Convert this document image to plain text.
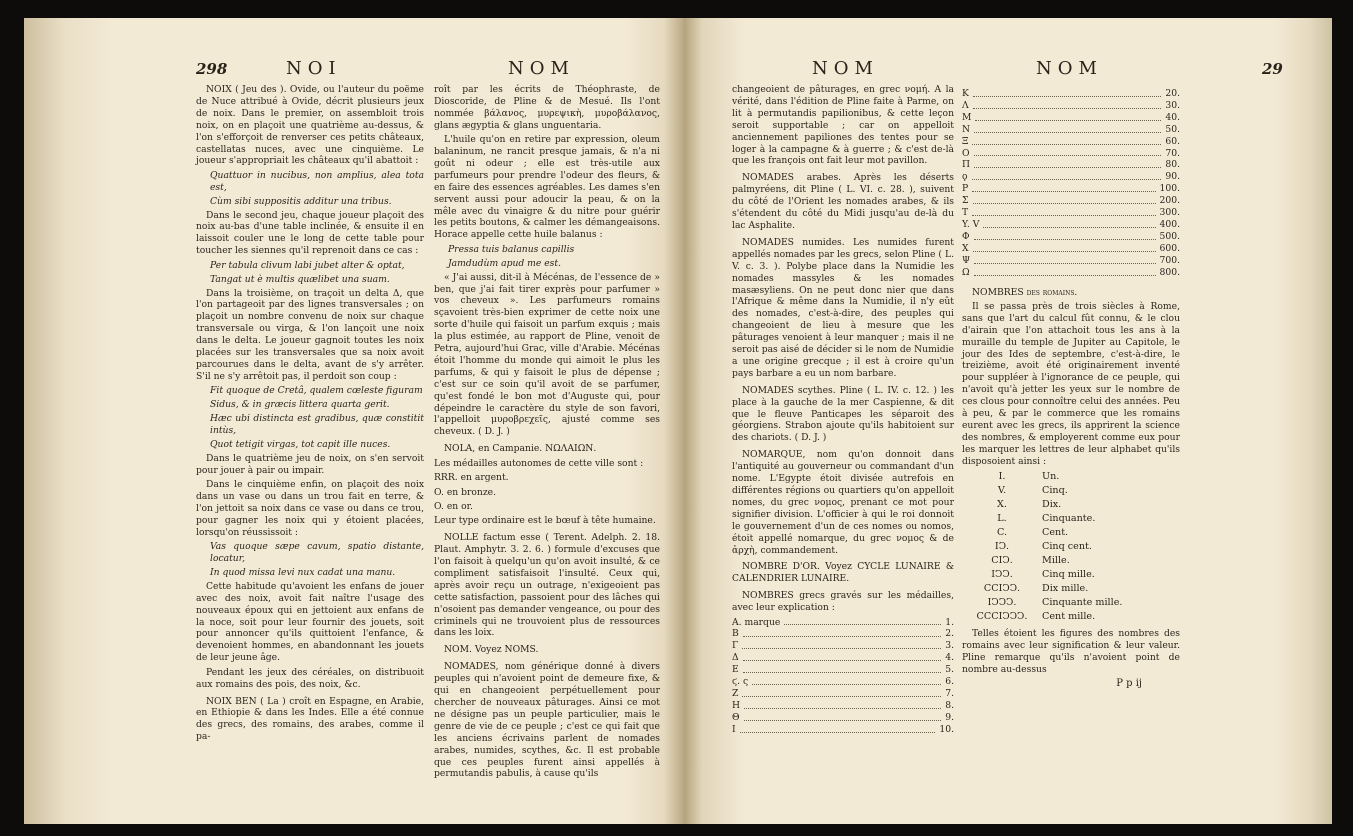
298	NOI	NOM

NOIX ( Jeu des ). Ovide, ou l'auteur du poëme de Nuce attribué à Ovide, décrit plusieurs jeux de noix. Dans le premier, on assembloit trois noix, on en plaçoit une quatrième au-dessus, & l'on s'efforçoit de renverser ces petits châteaux, castellatas nuces, avec une cinquième. Le joueur s'appropriait les châteaux qu'il abattoit :

Quattuor in nucibus, non amplius, alea tota est,

Cùm sibi suppositis additur una tribus.

Dans le second jeu, chaque joueur plaçoit des noix au-bas d'une table inclinée, & ensuite il en laissoit couler une le long de cette table pour toucher les siennes qu'il reprenoit dans ce cas :

Per tabula clivum labi jubet alter & optat,

Tangat ut è multis quælibet una suam.

Dans la troisième, on traçoit un delta Δ, que l'on partageoit par des lignes transversales ; on plaçoit un nombre convenu de noix sur chaque transversale ou virga, & l'on lançoit une noix dans le delta. Le joueur gagnoit toutes les noix placées sur les transversales que sa noix avoit parcourues dans le delta, avant de s'y arrêter. S'il ne s'y arrêtoit pas, il perdoit son coup :

Fit quoque de Cretâ, qualem cœleste figuram

Sidus, & in græcis littera quarta gerit.

Hæc ubi distincta est gradibus, quæ constitit intùs,

Quot tetigit virgas, tot capit ille nuces.

Dans le quatrième jeu de noix, on s'en servoit pour jouer à pair ou impair.

Dans le cinquième enfin, on plaçoit des noix dans un vase ou dans un trou fait en terre, & l'on jettoit sa noix dans ce vase ou dans ce trou, pour gagner les noix qui y étoient placées, lorsqu'on réussissoit :

Vas quoque sæpe cavum, spatio distante, locatur,

In quod missa levi nux cadat una manu.

Cette habitude qu'avoient les enfans de jouer avec des noix, avoit fait naître l'usage des nouveaux époux qui en jettoient aux enfans de la noce, soit pour leur fournir des jouets, soit pour annoncer qu'ils quittoient l'enfance, & devenoient hommes, en abandonnant les jouets de leur jeune âge.

Pendant les jeux des céréales, on distribuoit aux romains des pois, des noix, &c.

NOIX BEN ( La ) croît en Espagne, en Arabie, en Ethiopie & dans les Indes. Elle a été connue des grecs, des romains, des arabes, comme il pa-

roît par les écrits de Théophraste, de Dioscoride, de Pline & de Mesué. Ils l'ont nommée βάλανος, μυρεψικὴ, μυροβάλανος, glans ægyptia & glans unguentaria.

L'huile qu'on en retire par expression, oleum balaninum, ne rancit presque jamais, & n'a ni goût ni odeur ; elle est très-utile aux parfumeurs pour prendre l'odeur des fleurs, & en faire des essences agréables. Les dames s'en servent aussi pour adoucir la peau, & on la mêle avec du vinaigre & du nitre pour guérir les petits boutons, & calmer les démangeaisons. Horace appelle cette huile balanus :

Pressa tuis balanus capillis

Jamdudùm apud me est.

« J'ai aussi, dit-il à Mécénas, de l'essence de » ben, que j'ai fait tirer exprès pour parfumer » vos cheveux ». Les parfumeurs romains sçavoient très-bien exprimer de cette noix une sorte d'huile qui faisoit un parfum exquis ; mais la plus estimée, au rapport de Pline, venoit de Petra, aujourd'hui Grac, ville d'Arabie. Mécénas étoit l'homme du monde qui aimoit le plus les parfums, & qui y faisoit le plus de dépense ; c'est sur ce soin qu'il avoit de se parfumer, qu'est fondé le bon mot d'Auguste qui, pour dépeindre le caractère du style de son favori, l'appelloit μυροβρεχεῖς, ajusté comme ses cheveux. ( D. J. )

NOLA, en Campanie. ΝΩΛΑΙΩΝ.

Les médailles autonomes de cette ville sont :

RRR. en argent.

O. en bronze.

O. en or.

Leur type ordinaire est le bœuf à tête humaine.

NOLLE factum esse ( Terent. Adelph. 2. 18. Plaut. Amphytr. 3. 2. 6. ) formule d'excuses que l'on faisoit à quelqu'un qu'on avoit insulté, & ce compliment satisfaisoit l'insulté. Ceux qui, après avoir reçu un outrage, n'exigeoient pas cette satisfaction, passoient pour des lâches qui n'osoient pas demander vengeance, ou pour des criminels qui ne trouvoient plus de ressources dans les loix.

NOM. Voyez NOMS.

NOMADES, nom générique donné à divers peuples qui n'avoient point de demeure fixe, & qui en changeoient perpétuellement pour chercher de nouveaux pâturages. Ainsi ce mot ne désigne pas un peuple particulier, mais le genre de vie de ce peuple ; c'est ce qui fait que les anciens écrivains parlent de nomades arabes, numides, scythes, &c. Il est probable que ces peuples furent ainsi appellés à permutandis pabulis, à cause qu'ils

NOM	NOM	29

changeoient de pâturages, en grec νομή. A la vérité, dans l'édition de Pline faite à Parme, on lit à permutandis papilionibus, & cette leçon seroit supportable ; car on appelloit anciennement papiliones des tentes pour se loger à la campagne & à guerre ; & c'est de-là que les françois ont fait leur mot pavillon.

NOMADES arabes. Après les déserts palmyréens, dit Pline ( L. VI. c. 28. ), suivent du côté de l'Orient les nomades arabes, & ils s'étendent du côté du Midi jusqu'au de-là du lac Asphalite.

NOMADES numides. Les numides furent appellés nomades par les grecs, selon Pline ( L. V. c. 3. ). Polybe place dans la Numidie les nomades massyles & les nomades masæsyliens. On ne peut donc nier que dans l'Afrique & même dans la Numidie, il n'y eût des nomades, c'est-à-dire, des peuples qui changeoient de lieu à mesure que les pâturages venoient à leur manquer ; mais il ne seroit pas aisé de décider si le nom de Numidie a une origine grecque ; il est à croire qu'un pays barbare a eu un nom barbare.

NOMADES scythes. Pline ( L. IV. c. 12. ) les place à la gauche de la mer Caspienne, & dit que le fleuve Panticapes les séparoit des géorgiens. Strabon ajoute qu'ils habitoient sur des chariots. ( D. J. )

NOMARQUE, nom qu'on donnoit dans l'antiquité au gouverneur ou commandant d'un nome. L'Egypte étoit divisée autrefois en différentes régions ou quartiers qu'on appelloit nomes, du grec νομος, prenant ce mot pour signifier division. L'officier à qui le roi donnoit le gouvernement d'un de ces nomes ou nomos, étoit appellé nomarque, du grec νομος & de ἀρχὴ, commandement.

NOMBRE D'OR. Voyez CYCLE LUNAIRE & CALENDRIER LUNAIRE.

NOMBRES grecs gravés sur les médailles, avec leur explication :

A. marque	1.
B	2.
Γ	3.
Δ	4.
E	5.
ϛ. ς	6.
Z	7.
H	8.
Θ	9.
I	10.
K	20.
Λ	30.
M	40.
N	50.
Ξ	60.
O	70.
Π	80.
ϙ	90.
P	100.
Σ	200.
T	300.
Y. V	400.
Φ	500.
X	600.
Ψ	700.
Ω	800.

NOMBRES des romains.

Il se passa près de trois siècles à Rome, sans que l'art du calcul fût connu, & le clou d'airain que l'on attachoit tous les ans à la muraille du temple de Jupiter au Capitole, le jour des Ides de septembre, c'est-à-dire, le treizième, avoit été originairement inventé pour suppléer à l'ignorance de ce peuple, qui n'avoit qu'à jetter les yeux sur le nombre de ces clous pour connoître celui des années. Peu à peu, & par le commerce que les romains eurent avec les grecs, ils apprirent la science des nombres, & employerent comme eux pour les marquer les lettres de leur alphabet qu'ils disposoient ainsi :

I.	Un.
V.	Cinq.
X.	Dix.
L.	Cinquante.
C.	Cent.
IϽ.	Cinq cent.
CIϽ.	Mille.
IϽϽ.	Cinq mille.
CCIϽϽ.	Dix mille.
IϽϽϽ.	Cinquante mille.
CCCIϽϽϽ.	Cent mille.

Telles étoient les figures des nombres des romains avec leur signification & leur valeur. Pline remarque qu'ils n'avoient point de nombre au-dessus

P p ij
